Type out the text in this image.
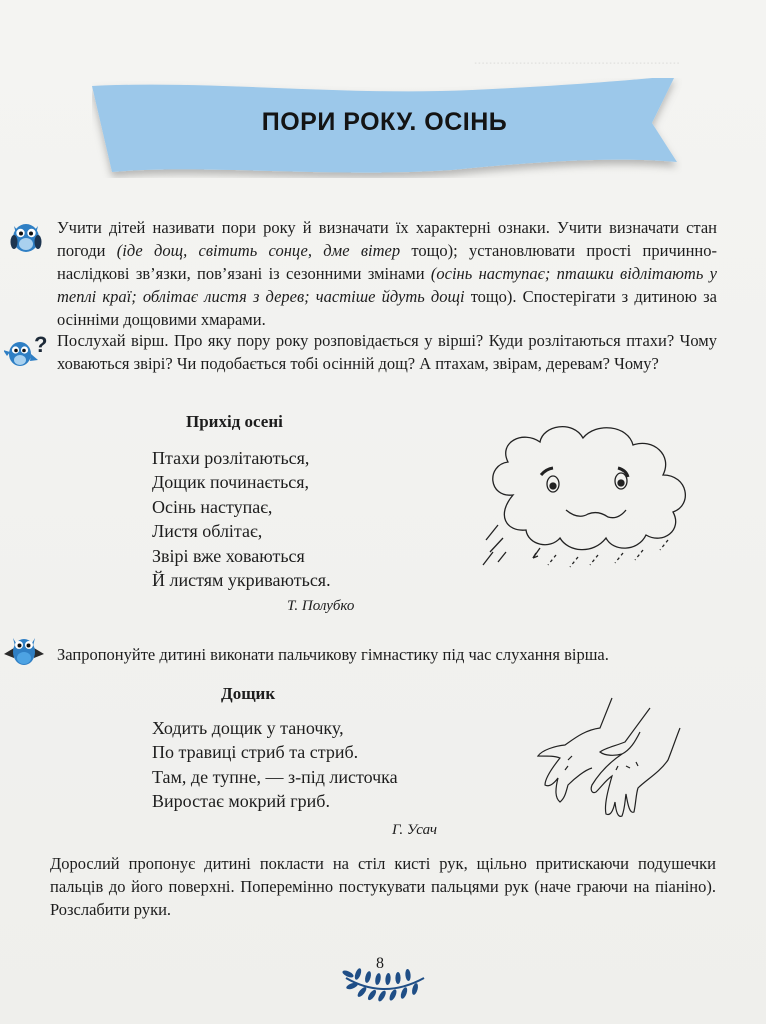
.......................................................
ПОРИ РОКУ. ОСІНЬ
Учити дітей називати пори року й визначати їх характерні ознаки. Учити визначати стан погоди (іде дощ, світить сонце, дме вітер тощо); установлювати прості причинно-наслідкові зв’язки, пов’язані із сезонними змінами (осінь наступає; пташки відлітають у теплі краї; облітає листя з дерев; частіше йдуть дощі тощо). Спостерігати з дитиною за осінніми дощовими хмарами.
? Послухай вірш. Про яку пору року розповідається у вірші? Куди розлітаються птахи? Чому ховаються звірі? Чи подобається тобі осінній дощ? А птахам, звірам, деревам? Чому?
Прихід осені
Птахи розлітаються,
Дощик починається,
Осінь наступає,
Листя облітає,
Звірі вже ховаються
Й листям укриваються.
Т. Полубко
Запропонуйте дитині виконати пальчикову гімнастику під час слухання вірша.
Дощик
Ходить дощик у таночку,
По травиці стриб та стриб.
Там, де тупне, — з-під листочка
Виростає мокрий гриб.
Г. Усач
Дорослий пропонує дитині покласти на стіл кисті рук, щільно притискаючи подушечки пальців до його поверхні. Поперемінно постукувати пальцями рук (наче граючи на піаніно). Розслабити руки.
8
